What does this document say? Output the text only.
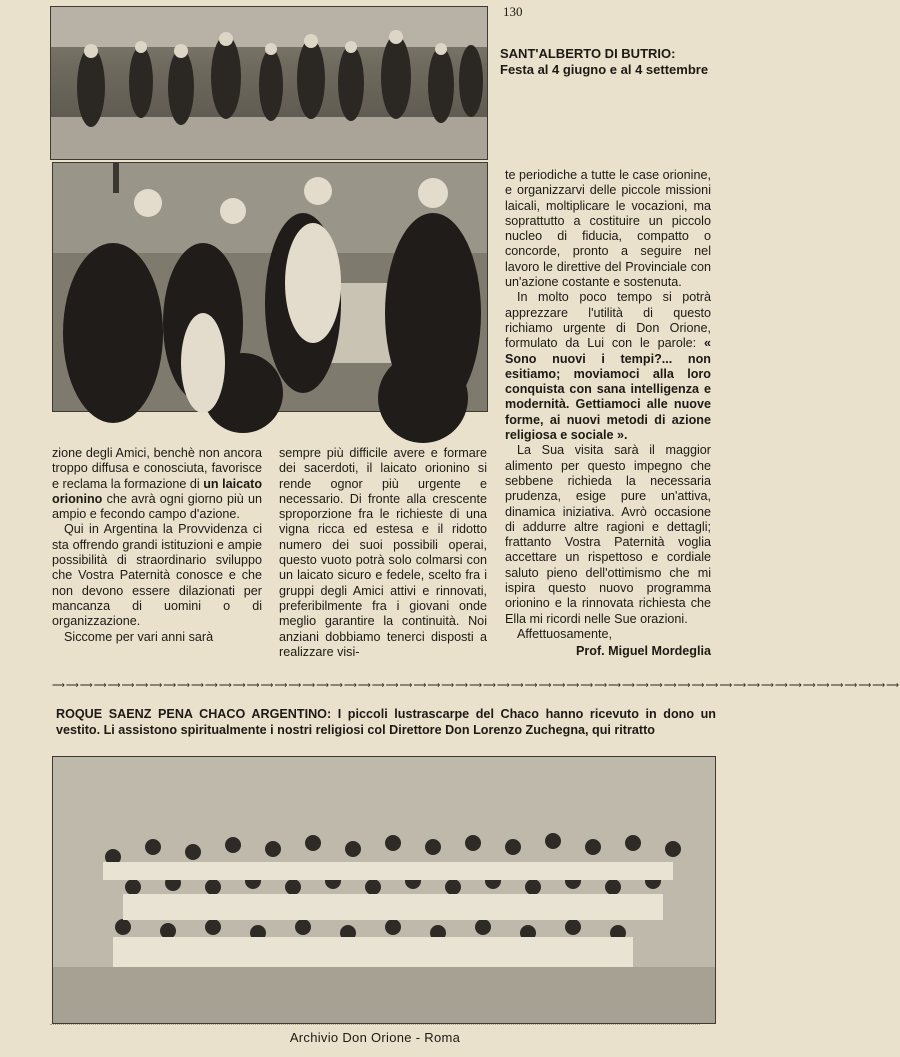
130
SANT'ALBERTO DI BUTRIO: Festa al 4 giugno e al 4 settembre

te periodiche a tutte le case orionine, e organizzarvi delle piccole missioni laicali, moltiplicare le vocazioni, ma soprattutto a costituire un piccolo nucleo di fiducia, compatto o concorde, pronto a seguire nel lavoro le direttive del Provinciale con un'azione costante e sostenuta.

In molto poco tempo si potrà apprezzare l'utilità di questo richiamo urgente di Don Orione, formulato da Lui con le parole: « Sono nuovi i tempi?... non esitiamo; moviamoci alla loro conquista con sana intelligenza e modernità. Gettiamoci alle nuove forme, ai nuovi metodi di azione religiosa e sociale ».

La Sua visita sarà il maggior alimento per questo impegno che sebbene richieda la necessaria prudenza, esige pure un'attiva, dinamica iniziativa. Avrò occasione di addurre altre ragioni e dettagli; frattanto Vostra Paternità voglia accettare un rispettoso e cordiale saluto pieno dell'ottimismo che mi ispira questo nuovo programma orionino e la rinnovata richiesta che Ella mi ricordi nelle Sue orazioni.

Affettuosamente,

Prof. Miguel Mordeglia

zione degli Amici, benchè non ancora troppo diffusa e conosciuta, favorisce e reclama la formazione di un laicato orionino che avrà ogni giorno più un ampio e fecondo campo d'azione.

Qui in Argentina la Provvidenza ci sta offrendo grandi istituzioni e ampie possibilità di straordinario sviluppo che Vostra Paternità conosce e che non devono essere dilazionati per mancanza di uomini o di organizzazione.

Siccome per vari anni sarà

sempre più difficile avere e formare dei sacerdoti, il laicato orionino si rende ognor più urgente e necessario. Di fronte alla crescente sproporzione fra le richieste di una vigna ricca ed estesa e il ridotto numero dei suoi possibili operai, questo vuoto potrà solo colmarsi con un laicato sicuro e fedele, scelto fra i gruppi degli Amici attivi e rinnovati, preferibilmente fra i giovani onde meglio garantire la continuità. Noi anziani dobbiamo tenerci disposti a realizzare visi-

⟶⟶⟶⟶⟶⟶⟶⟶⟶⟶⟶⟶⟶⟶⟶⟶⟶⟶⟶⟶⟶⟶⟶⟶⟶⟶⟶⟶⟶⟶⟶⟶⟶⟶⟶⟶⟶⟶⟶⟶⟶⟶⟶⟶⟶⟶⟶⟶⟶⟶⟶⟶⟶⟶⟶⟶⟶⟶⟶⟶⟶
ROQUE SAENZ PENA CHACO ARGENTINO: I piccoli lustrascarpe del Chaco hanno ricevuto in dono un vestito. Li assistono spiritualmente i nostri religiosi col Direttore Don Lorenzo Zuchegna, qui ritratto
Archivio Don Orione - Roma
